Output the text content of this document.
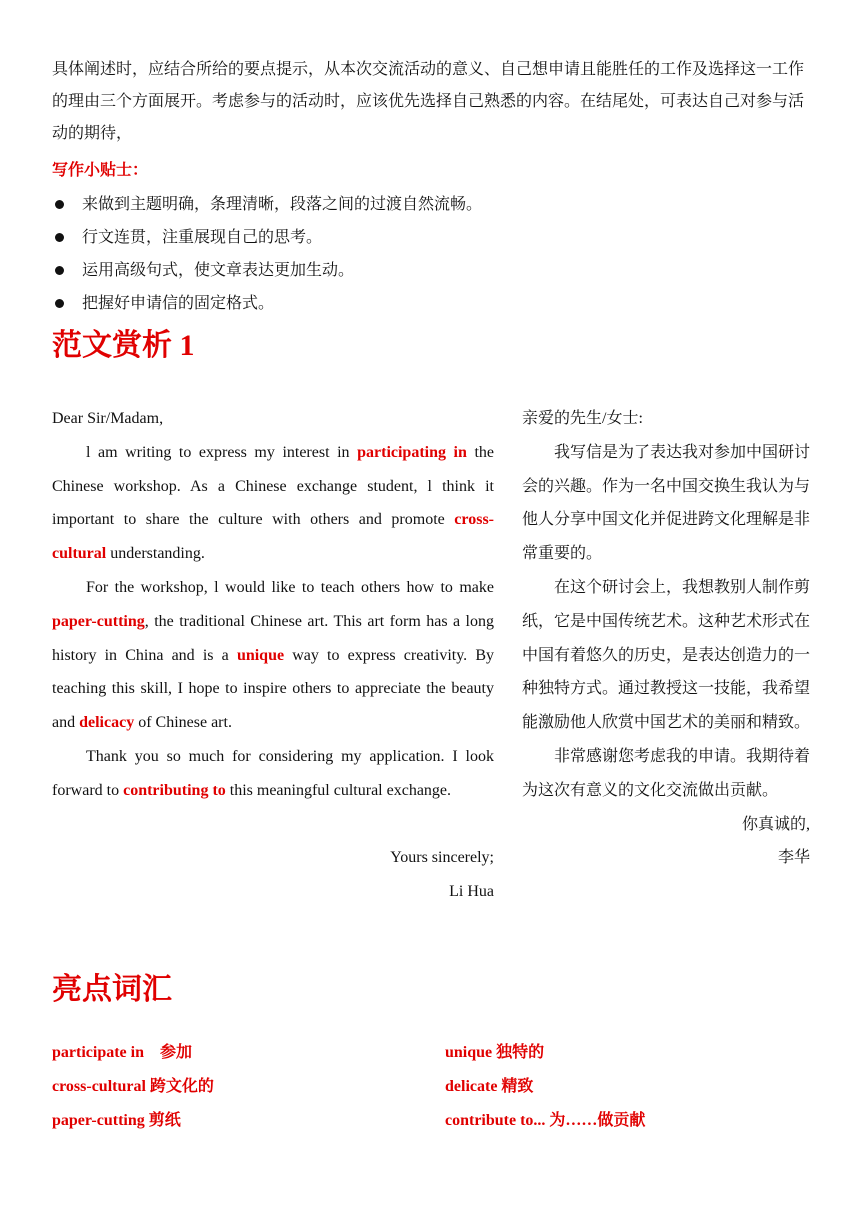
具体阐述时，应结合所给的要点提示，从本次交流活动的意义、自己想申请且能胜任的工作及选择这一工作的理由三个方面展开。考虑参与的活动时，应该优先选择自己熟悉的内容。在结尾处，可表达自己对参与活动的期待，
写作小贴士：
来做到主题明确，条理清晰，段落之间的过渡自然流畅。
行文连贯，注重展现自己的思考。
运用高级句式，使文章表达更加生动。
把握好申请信的固定格式。
范文赏析 1

Dear Sir/Madam,

l am writing to express my interest in participating in the Chinese workshop. As a Chinese exchange student, l think it important to share the culture with others and promote cross-cultural understanding.

For the workshop, l would like to teach others how to make paper-cutting, the traditional Chinese art. This art form has a long history in China and is a unique way to express creativity. By teaching this skill, I hope to inspire others to appreciate the beauty and delicacy of Chinese art.

Thank you so much for considering my application. I look forward to contributing to this meaningful cultural exchange.

Yours sincerely;

Li Hua

亲爱的先生/女士:

我写信是为了表达我对参加中国研讨会的兴趣。作为一名中国交换生我认为与他人分享中国文化并促进跨文化理解是非常重要的。

在这个研讨会上，我想教别人制作剪纸，它是中国传统艺术。这种艺术形式在中国有着悠久的历史，是表达创造力的一种独特方式。通过教授这一技能，我希望能激励他人欣赏中国艺术的美丽和精致。

非常感谢您考虑我的申请。我期待着为这次有意义的文化交流做出贡献。

你真诚的,

李华

亮点词汇
participate in　参加	unique 独特的
cross-cultural 跨文化的	delicate 精致
paper-cutting 剪纸	contribute to... 为……做贡献
